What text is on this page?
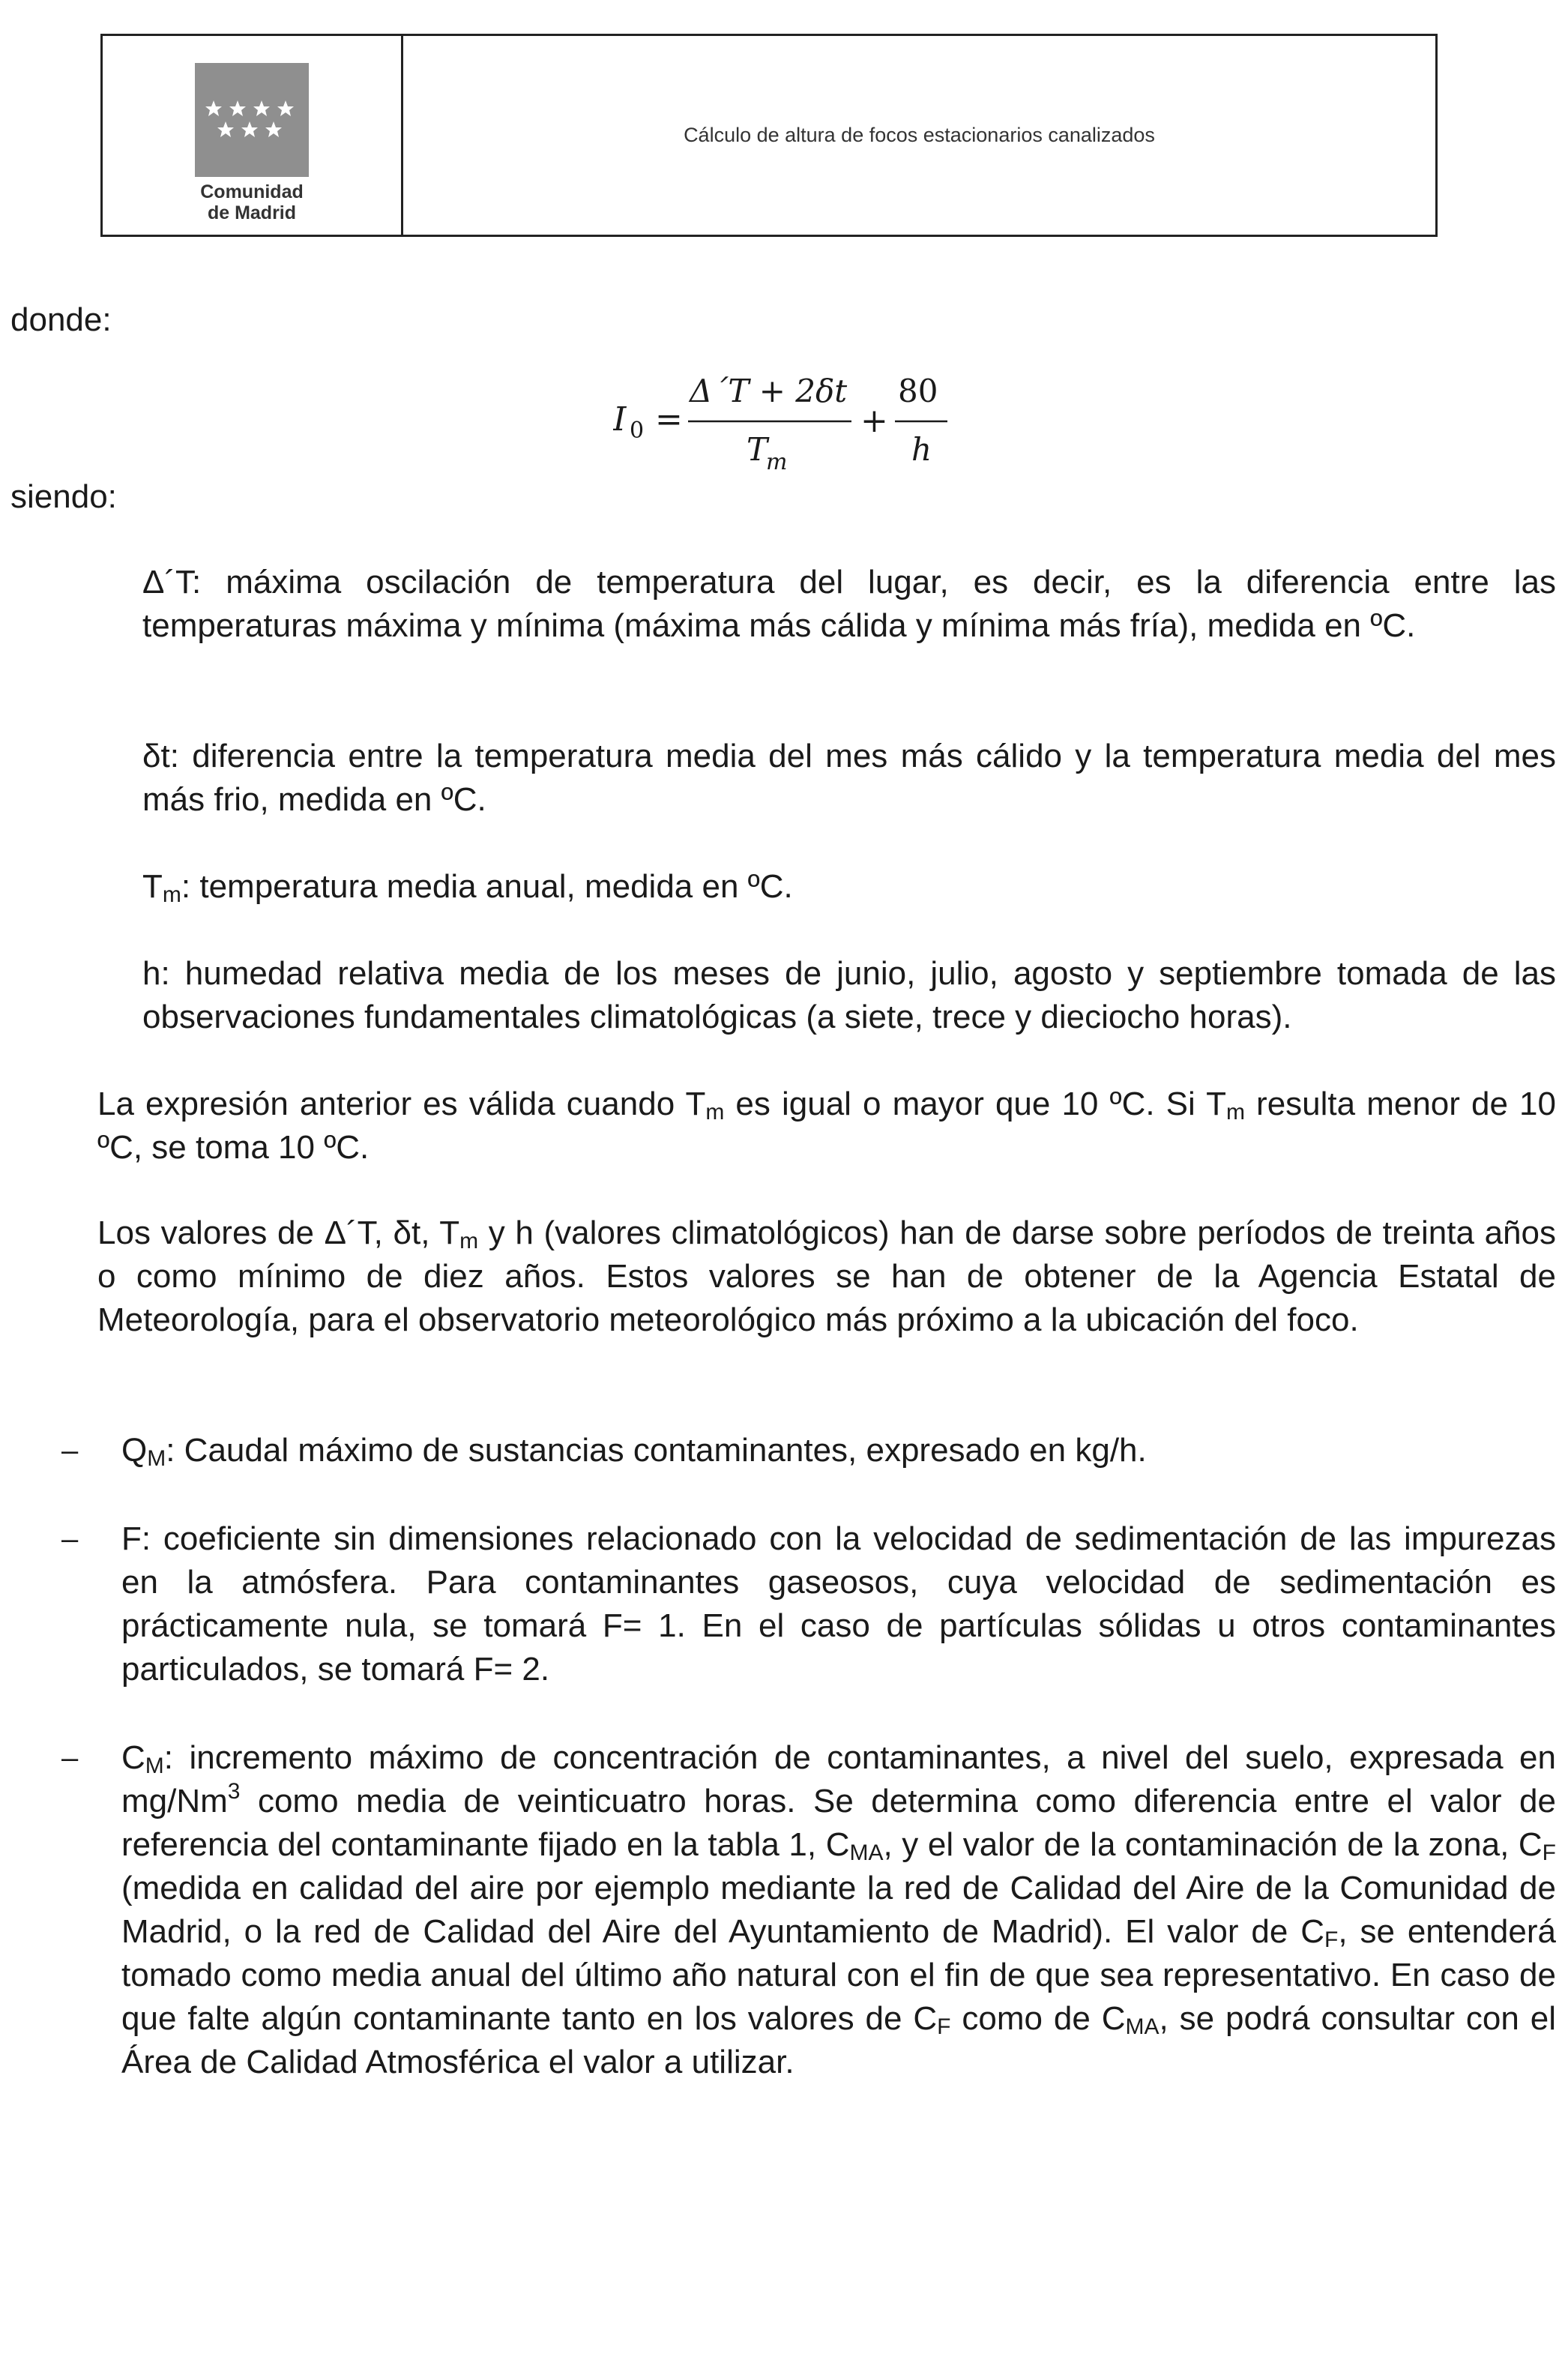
Comunidad
de Madrid
Cálculo de altura de focos estacionarios canalizados

donde:

I 0 =
Δ´T + 2δt
T
m
+
80
h

siendo:

Δ´T: máxima oscilación de temperatura del lugar, es decir, es la diferencia entre las temperaturas máxima y mínima (máxima más cálida y mínima más fría), medida en ºC.

δt: diferencia entre la temperatura media del mes más cálido y la temperatura media del mes más frio, medida en ºC.

$T_m$: temperatura media anual, medida en ºC.

h: humedad relativa media de los meses de junio, julio, agosto y septiembre tomada de las observaciones fundamentales climatológicas (a siete, trece y dieciocho horas).

La expresión anterior es válida cuando $T_m$ es igual o mayor que 10 ºC. Si $T_m$ resulta menor de 10 ºC, se toma 10 ºC.

Los valores de Δ´T, δt, $T_m$ y h (valores climatológicos) han de darse sobre períodos de treinta años o como mínimo de diez años. Estos valores se han de obtener de la Agencia Estatal de Meteorología, para el observatorio meteorológico más próximo a la ubicación del foco.

– $Q_M$: Caudal máximo de sustancias contaminantes, expresado en kg/h.

– F: coeficiente sin dimensiones relacionado con la velocidad de sedimentación de las impurezas en la atmósfera. Para contaminantes gaseosos, cuya velocidad de sedimentación es prácticamente nula, se tomará F= 1. En el caso de partículas sólidas u otros contaminantes particulados, se tomará F= 2.

– $C_M$: incremento máximo de concentración de contaminantes, a nivel del suelo, expresada en mg/Nm$^3$ como media de veinticuatro horas. Se determina como diferencia entre el valor de referencia del contaminante fijado en la tabla 1, $C_{MA}$, y el valor de la contaminación de la zona, $C_F$ (medida en calidad del aire por ejemplo mediante la red de Calidad del Aire de la Comunidad de Madrid, o la red de Calidad del Aire del Ayuntamiento de Madrid). El valor de $C_F$, se entenderá tomado como media anual del último año natural con el fin de que sea representativo. En caso de que falte algún contaminante tanto en los valores de $C_F$ como de $C_{MA}$, se podrá consultar con el Área de Calidad Atmosférica el valor a utilizar.
